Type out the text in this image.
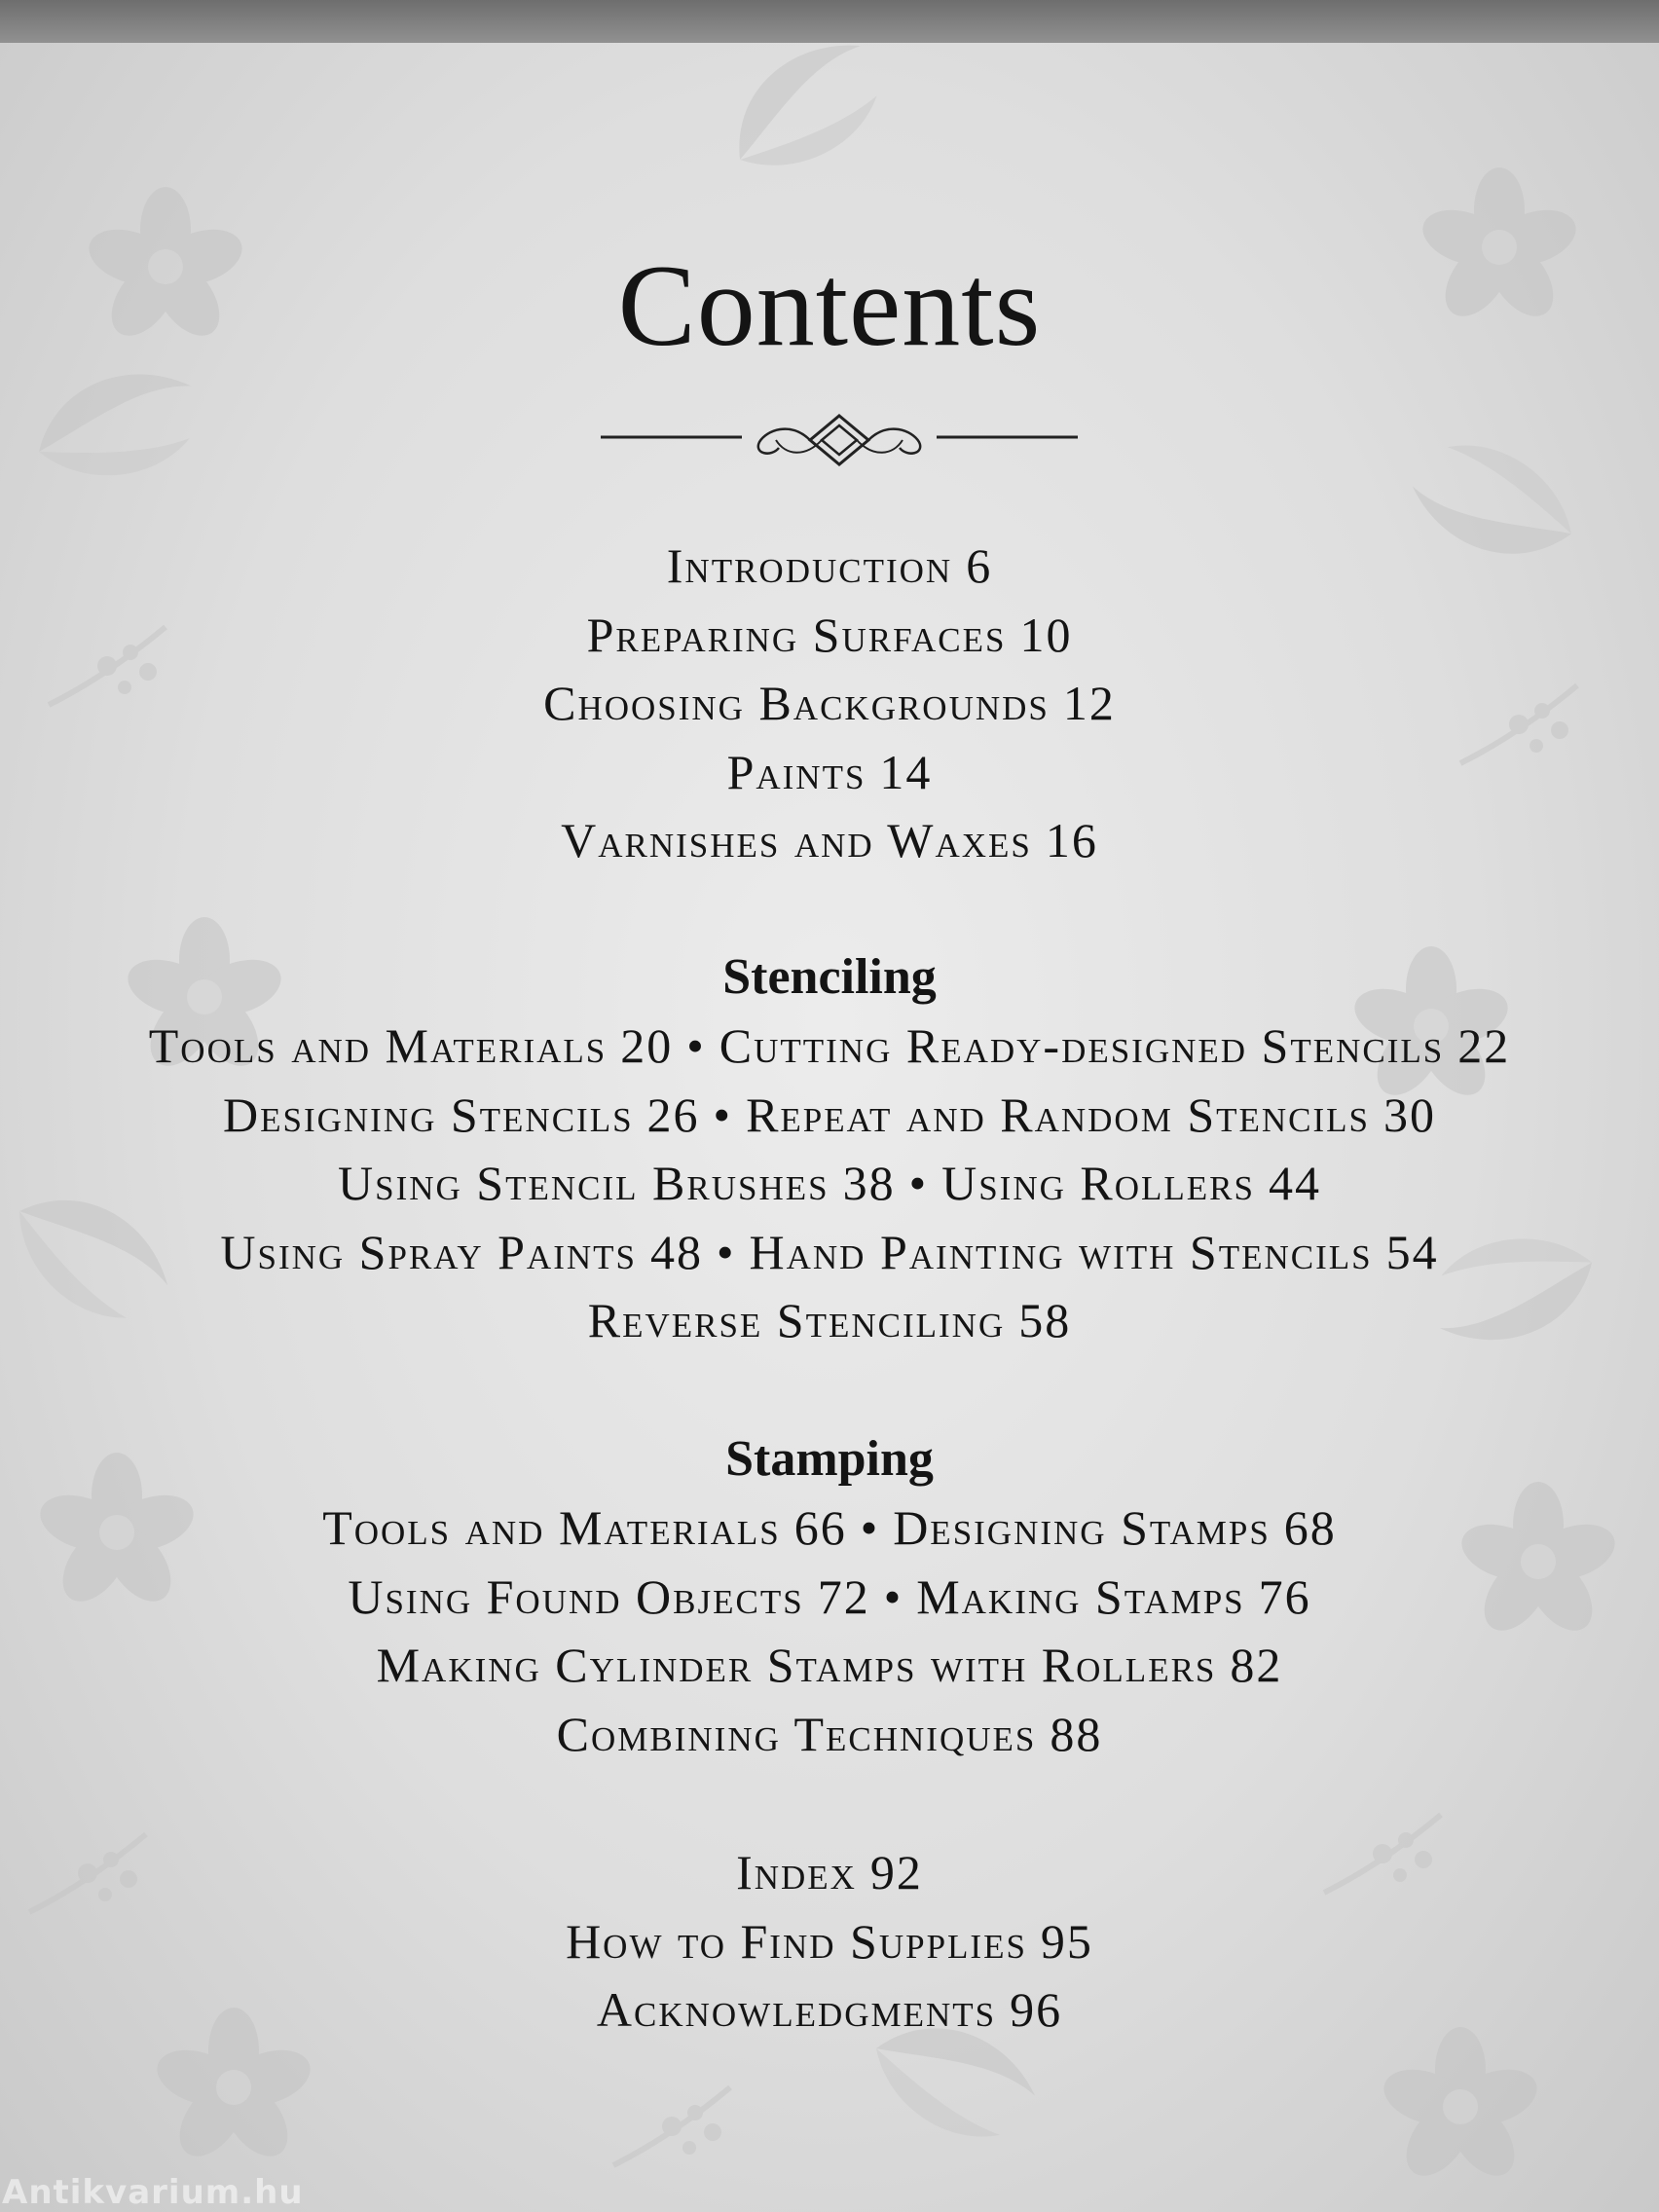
Contents
Introduction 6
Preparing Surfaces 10
Choosing Backgrounds 12
Paints 14
Varnishes and Waxes 16
Stenciling
Tools and Materials 20 • Cutting Ready-designed Stencils 22
Designing Stencils 26 • Repeat and Random Stencils 30
Using Stencil Brushes 38 • Using Rollers 44
Using Spray Paints 48 • Hand Painting with Stencils 54
Reverse Stenciling 58
Stamping
Tools and Materials 66 • Designing Stamps 68
Using Found Objects 72 • Making Stamps 76
Making Cylinder Stamps with Rollers 82
Combining Techniques 88
Index 92
How to Find Supplies 95
Acknowledgments 96
Antikvarium.hu
